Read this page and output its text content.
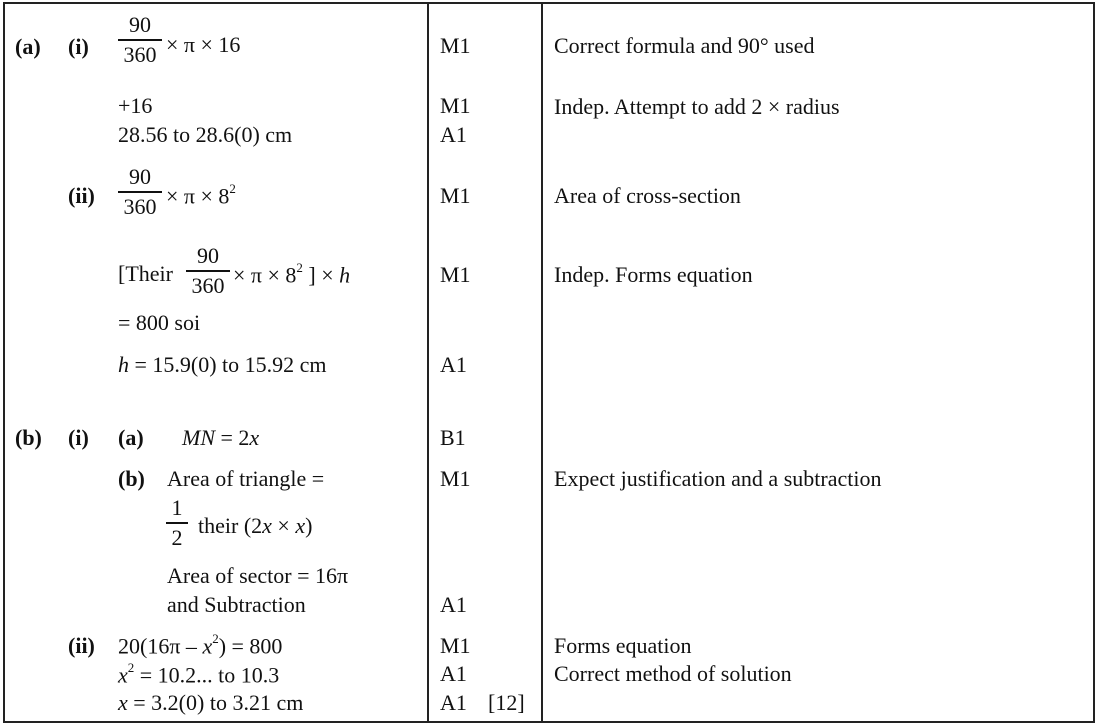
(a) (i)
90
360 × π × 16	M1	Correct formula and 90° used
+16	M1	Indep. Attempt to add 2 × radius
28.56 to 28.6(0) cm	A1
(ii)
90
$360 \times \pi \times 8^2$	M1	Area of cross-section
[Their
90
$360 \times \pi \times 8^2$ ] × h	M1	Indep. Forms equation
= 800 soi
h = 15.9(0) to 15.92 cm	A1
(b) (i) (a) MN = 2x	B1
(b) Area of triangle =	M1	Expect justification and a subtraction
1
2 their (2x × x)
Area of sector = 16π
and Subtraction	A1
(ii) $20(16\pi - x^2) = 800$	M1	Forms equation
$x^2 = 10.2$... to 10.3	A1	Correct method of solution
x = 3.2(0) to 3.21 cm	A1 [12]
